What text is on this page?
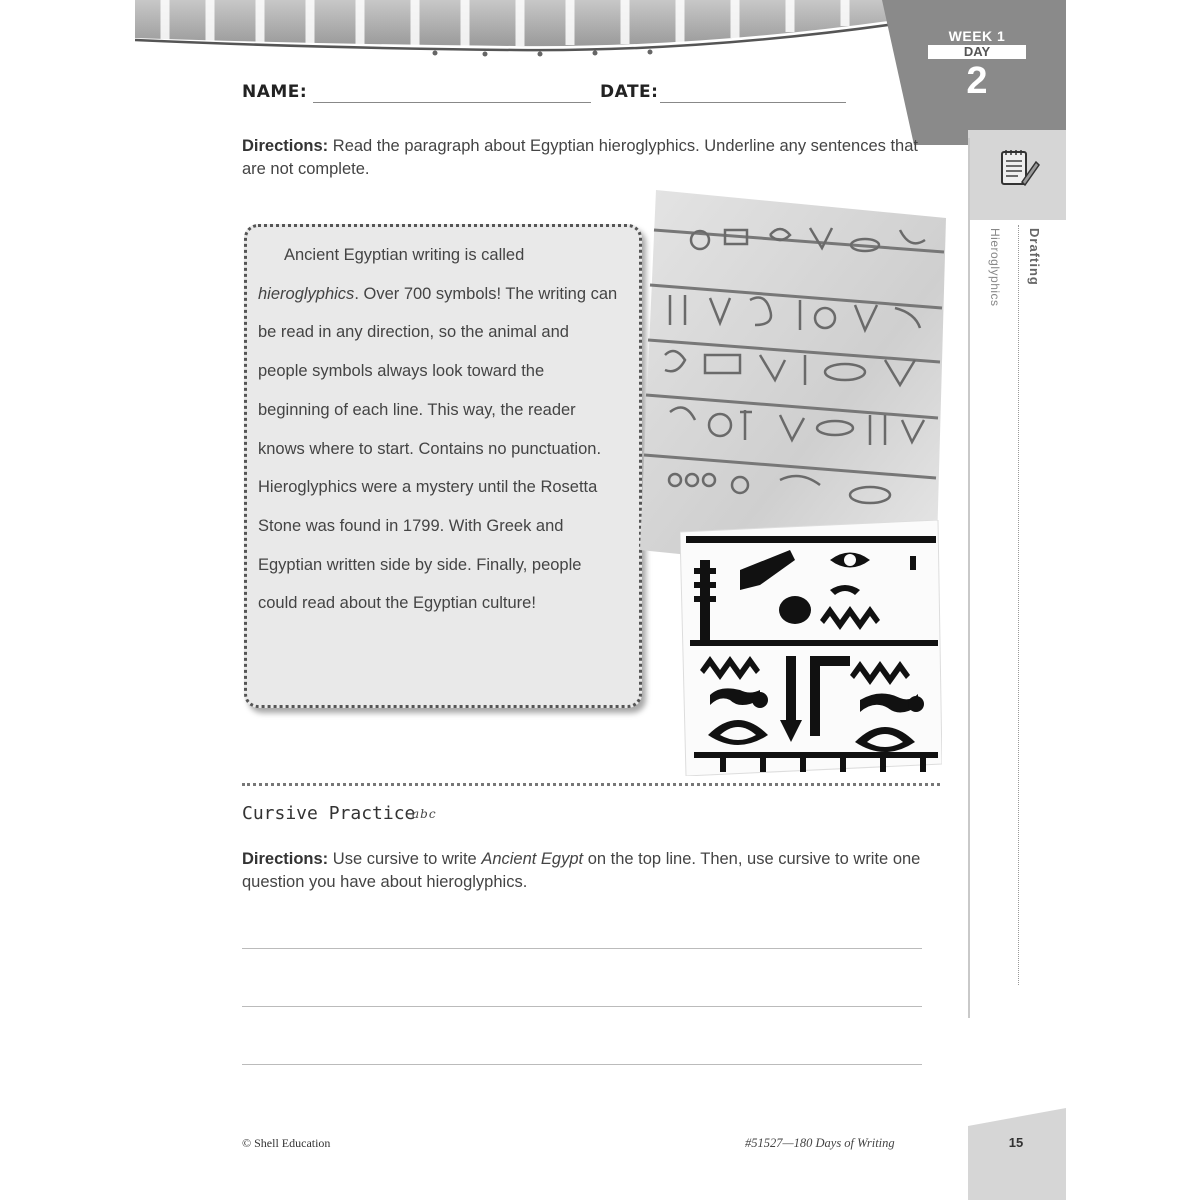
WEEK 1
DAY
2
Drafting
Hieroglyphics
NAME:	DATE:
Directions: Read the paragraph about Egyptian hieroglyphics. Underline any sentences that are not complete.
Ancient Egyptian writing is called hieroglyphics. Over 700 symbols! The writing can be read in any direction, so the animal and people symbols always look toward the beginning of each line. This way, the reader knows where to start. Contains no punctuation. Hieroglyphics were a mystery until the Rosetta Stone was found in 1799. With Greek and Egyptian written side by side. Finally, people could read about the Egyptian culture!
Cursive Practice
abc
Directions: Use cursive to write Ancient Egypt on the top line. Then, use cursive to write one question you have about hieroglyphics.
© Shell Education	#51527—180 Days of Writing	15
